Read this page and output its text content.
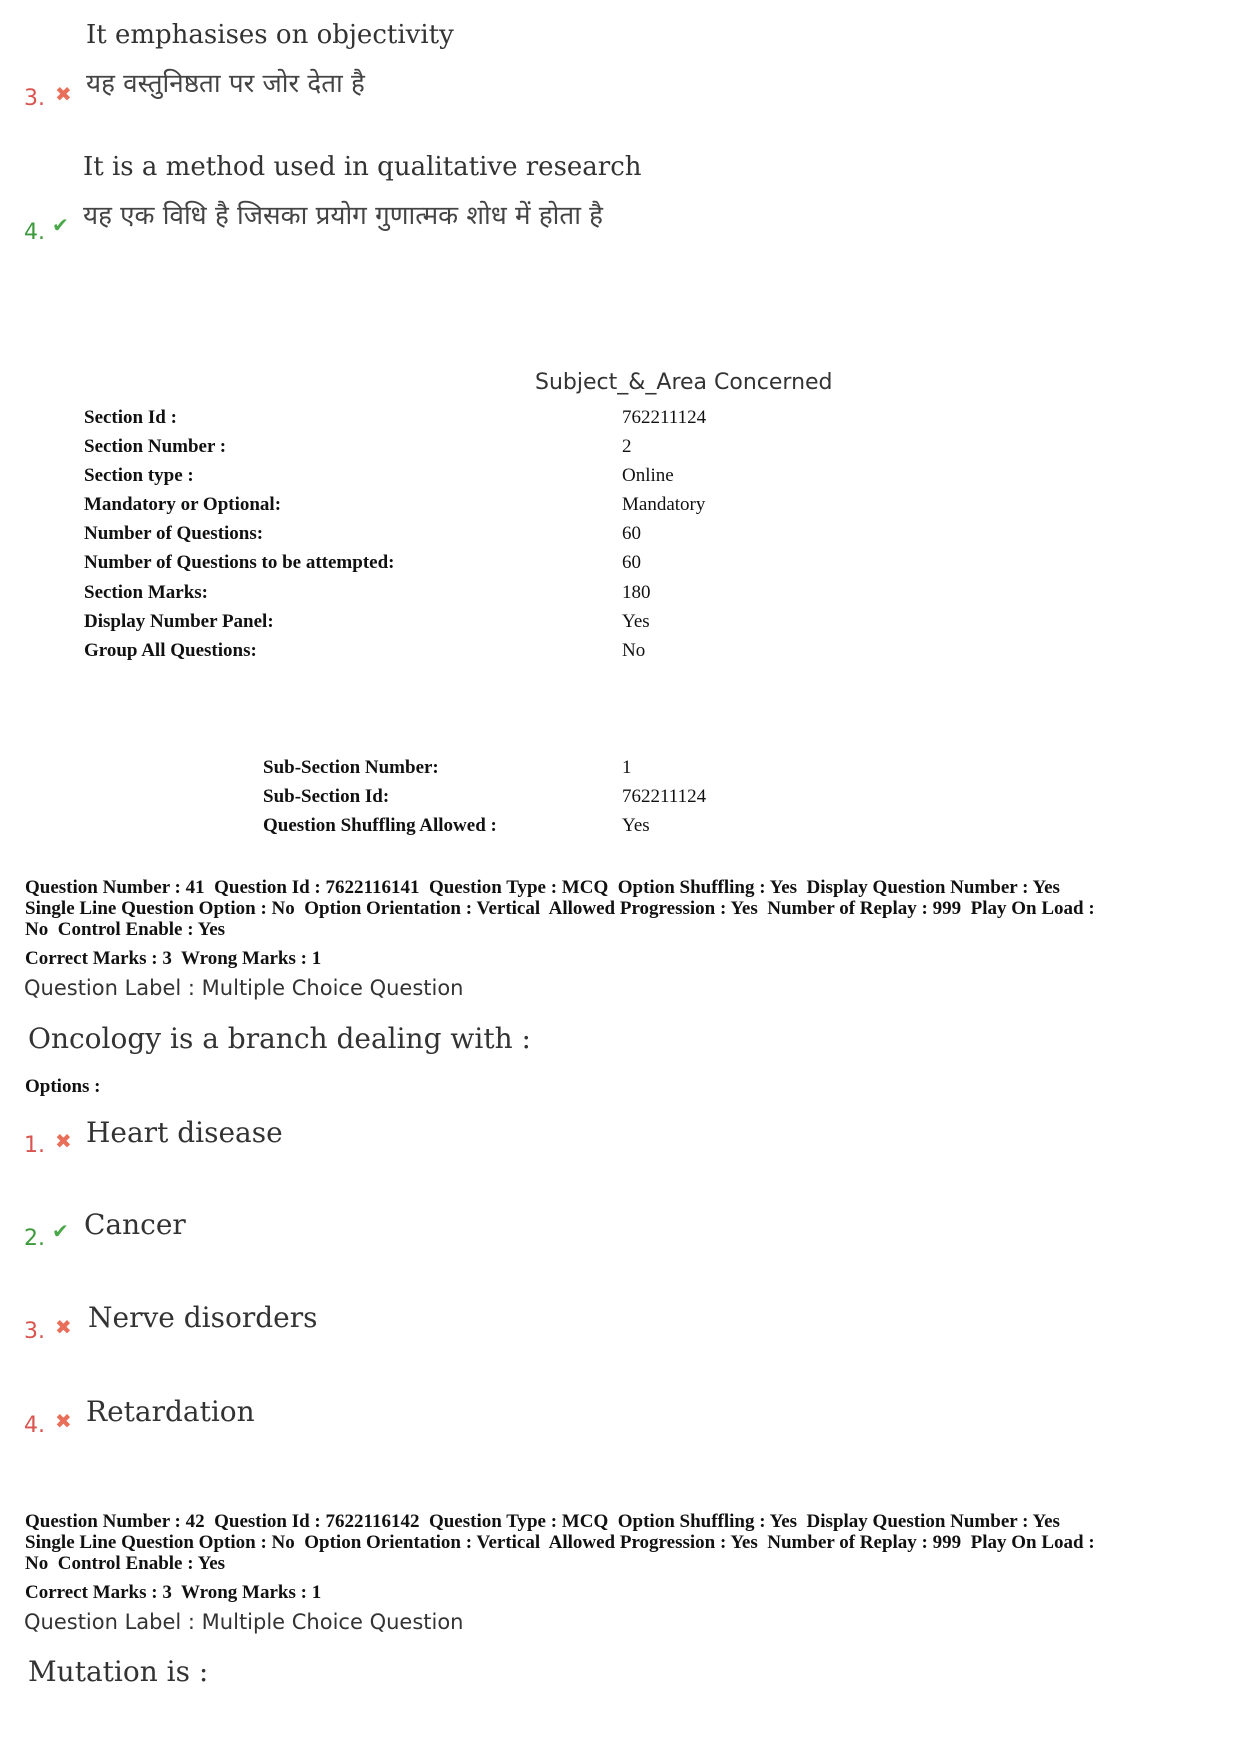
It emphasises on objectivity
3. ✖ यह वस्तुनिष्ठता पर जोर देता है
It is a method used in qualitative research
4. ✔ यह एक विधि है जिसका प्रयोग गुणात्मक शोध में होता है
Subject_&_Area Concerned
Section Id :	762211124
Section Number :	2
Section type :	Online
Mandatory or Optional:	Mandatory
Number of Questions:	60
Number of Questions to be attempted:	60
Section Marks:	180
Display Number Panel:	Yes
Group All Questions:	No
Sub-Section Number:	1
Sub-Section Id:	762211124
Question Shuffling Allowed :	Yes
Question Number : 41  Question Id : 7622116141  Question Type : MCQ  Option Shuffling : Yes  Display Question Number : Yes
Single Line Question Option : No  Option Orientation : Vertical  Allowed Progression : Yes  Number of Replay : 999  Play On Load :
No  Control Enable : Yes
Correct Marks : 3  Wrong Marks : 1
Question Label : Multiple Choice Question
Oncology is a branch dealing with :
Options :
1. ✖ Heart disease
2. ✔ Cancer
3. ✖ Nerve disorders
4. ✖ Retardation
Question Number : 42  Question Id : 7622116142  Question Type : MCQ  Option Shuffling : Yes  Display Question Number : Yes
Single Line Question Option : No  Option Orientation : Vertical  Allowed Progression : Yes  Number of Replay : 999  Play On Load :
No  Control Enable : Yes
Correct Marks : 3  Wrong Marks : 1
Question Label : Multiple Choice Question
Mutation is :
